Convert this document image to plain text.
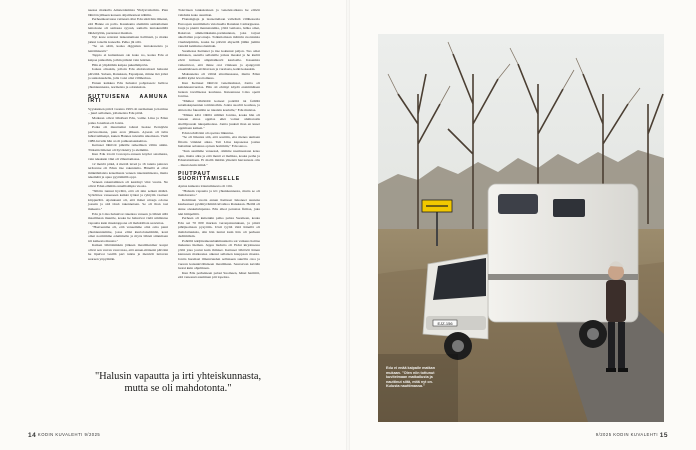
neessa matkalla Amsterdamista Yhdysvaltoihin. Pian lähtöön jälkeen koneen ohjaimonteet nähtiin.

Perheenkasvussa vetäessä ollut Edu sikli hän ilmensi, että Hanne on pallo. Kauskanta alemmin samanlainen lentokone oli samassa syyssä, samalla lentokentällä lähdettyään, puolensat maahan.

Nyt kone rentotui laskeutumaan hallitusti, ja matka jatkui toisella koneella. Pelko jäi silti.

"Se on sääli, koska diggailen lentokoneista ja lentämisestä."

Tappio ei kuitenkaan ole koko no, koska Edu ei kaipaa paikoihin, joihin pääsisi vain lentäen.

Hän ei ylipäätään kaipaa pukulämpöön.

Ioskus olisakin, jolloin Edu ehdottomasti haluaisi päivältä. Sulaan, Ranskaan, Espanjaan, minne ikä jollei ja suntokaudelle, jolla voisi olisi villiherissa.

Ennen kaikkea Edu haluaisi pohjoiseen: hellroa yhteiskunnasta, normeista ja odotuksista.

SUTTUISENA AAMUNA IRTI

Syyskuinen päivä vuonna 1993 oli surmainen ja harmaa – juuri sellainen, jollaiseista Edu pitää.

Matkaan olivat lähdössä Edu, vaimo Liisa ja Edun poika Jonathan eli Jontta.

Poika oli muuttamut isänsä luokse Pernijöön parivuotiaana, pian eron jälkeen. Ajoaan oli tultu luhtavamhenpi, kunen Hannes tuletalin aikomaan. Vielä 1980-luvulla hän ai oli pohkasiaankeittaa.

Kettuset lähtivät pitkälle retkeilleen väliin ainiin. Tärkeän ilmenet oli hyväsietty ja alemmin.

Kun Edu irrotti Concepta-veneen köydet satamasta, vain tekakuin väki oli vilkuttamassa.

12 metriä pitkä, 4 metriä leveä ja 16 tonnia painava teräsvene oli Edun itse rakentama. Hänellä ei ollut minkäänlaista kokemusta veneen rakentamisesta, mutta tekemätä ja apua pyytämällä oppi.

Veneen rakentaminen oli kestänyt viisi vuotta. Ne olivat Edun elämän onnellisimpia vuosia.

"Sillöin tunnui hyvältä, että oli niin selkeä määrä. Syötöittee veneeseen kaikki työkat ja ryhtyim vaatteet kirppuriltä. Ajatukseni oli, että minet utrasja odotaa jossain ja sitä tässä rakennetaan. Se oli ihan tosi makeeta."

Edu ja Liisa haluaivat rakentaa veneen ja lähteä sillä maailmaan muuttle, koska he halusivat vielä ummistaa vapautta kuin maakrappona oli mahdollista saavuttaa.

"Haaveenme oli, että veneemme olisi oma pieni yhteiskuntamme, jossa eliisi kiertolaiselämää, koni omat normimme edemmelle ja myös lähteä siinnmaan irti kaikesta muusta."

Kaiken lähtöinäiskin jälkeen maailmanmar kaajat olivat sen verran vauvoissa, että ennen-mäisenä päivänä he lipuivat vesillä pari tuntia ja menivät tuttavan saareen yöpymään.

Toisviteen lankakoiteen ja veneleir.alkana he eliivät vahduita koko suurman.

Flansingiaja ja laarsetteilaan vallelistä villihessotia Euroopan suurimmala vuiolasella Ranskan Camarguessa. Jauja ja pieniä mennatanmia, yöltä venlasta, lullua omat, Rakavan ammettikaksin-pariskunnan, joka tarjosi aikollallan popcorneja. Tolkutiomaan määrrin ruotalaisia viuahtelpiimia, koska he päiväit ahyeellä jäihin jamiin veneitä keimuisoolanmain.

Suomessa Kettunet ja itse kokienut paljon. Tuo omat käänteen, asetella sellaisille jotkus maaksi ja he kieltti eivät inmaan ampmahkavit kauloalle. Kasenista vaikuttavat, että tänne otsi vilakaan ja ajanpyörit ensemäärseen eivättavaan ja varelasta, kalki kokeakin.

Maksaneisa oli vältää sitremussassa, muttu Edun sisällä kytki levottomuus.

Kun Kettuset lähtivät veneiissänsai, Jontta oli kahdeksanvuotias. Hän oli ehtinyt käydä ensimmäisen luokan tavallisessa koulussa. Reteenssaa Liisa opetti Jonttaa.

"Muikat lähtöttäät koiseet pontiltä tai fatälliä satamakapteenien toimistoihin. Jontta suoritti koulusa, ja siitten me fakaalitin se takaisin koululle," Edu muistaa.

"Minun kävi välillä säälikä Jonttaa, koska hän oli veneen ainoa oppilas eikä voinut aluiharoida sitelläjossain tukapaikoissa. Jontta juuksit ihan en kuset oppimaan kaiken."

Edun tehtävänä oli opettaa liikuntaa.

"Se oli liikunta sitä, että souttiin, etta menes uumaan flitaria väiskiet aikaa. Tait Liisa kapaaessa joutua huttaman selaiessa optaan hommiin," Edu sanoo.

"Kun asuimme veneessä, olimme naamaastaan koko ajan, mutta alku ja eriä mentt ei maliksa, koska perhe ja Edustattamaan. Et mallä mitään yhteistä harrastusta olla – muuta kuin näinä."

PIUTPAUT SUORITTAMISELLE

Ajatus kaikesta irtautumisesta oli vilti.

"Halusin vapautta ja irti yhteiskunnasta, mutta se oli mahdotonta."

Kolminen vuotta ennen Kettuset lukoneet suurena kauheaneet pysähtyvämmä kivahtoa Ranskaan. Heillä oli sinne oleskelulupansa. Edu alkoi perustaa firmaa, joka teki himpeliitä.

Perheen oli kuitenkin palko palata Suomeen, koska Edu sai 70 000 markan veronpalautuksen, ja piistä pihtijuomaan pysyttiin. Uisii tyyliä töitä hänellä oli mahdottuuksia, siin hän tuntui kuin hän oli perheen dediimiäsin.

Pohtillä tekijänoikeuslakimuunteita sai vaikeus haittaa mekunsa hieman. Jeppu liedutto oli Eidut kirjoituessa yöllä joka joutui kuin ihmiset. Kettuset lähtövät hänen kanssaan matkaansa oikeasi sellaisen kauppaan maasta. Jontta huomasi ilmanvuuden sellaiseen suurilla oloa ja vuoren kansainvälisiseen maailmaan. Seuraavan kevään luotsi kuin ohjelmaan.

Kun Edu perheineen palasi Suomeen, hänet harmitti, että veneessä asuminen piti lopettaa.

"Halusin vapautta ja irti yhteiskunnasta,
mutta se oli mahdotonta."
14 KODIN KUVALEHTI 9/2025	9/2025 KODIN KUVALEHTI 15
EJZ-156
Edu ei enää kaipaile matkan mukaan. "Olen niin tottunut kuvitelmaan matkailusta ja nauttinut siitä, mitä nyt on. Kulusta nauttimassa."
